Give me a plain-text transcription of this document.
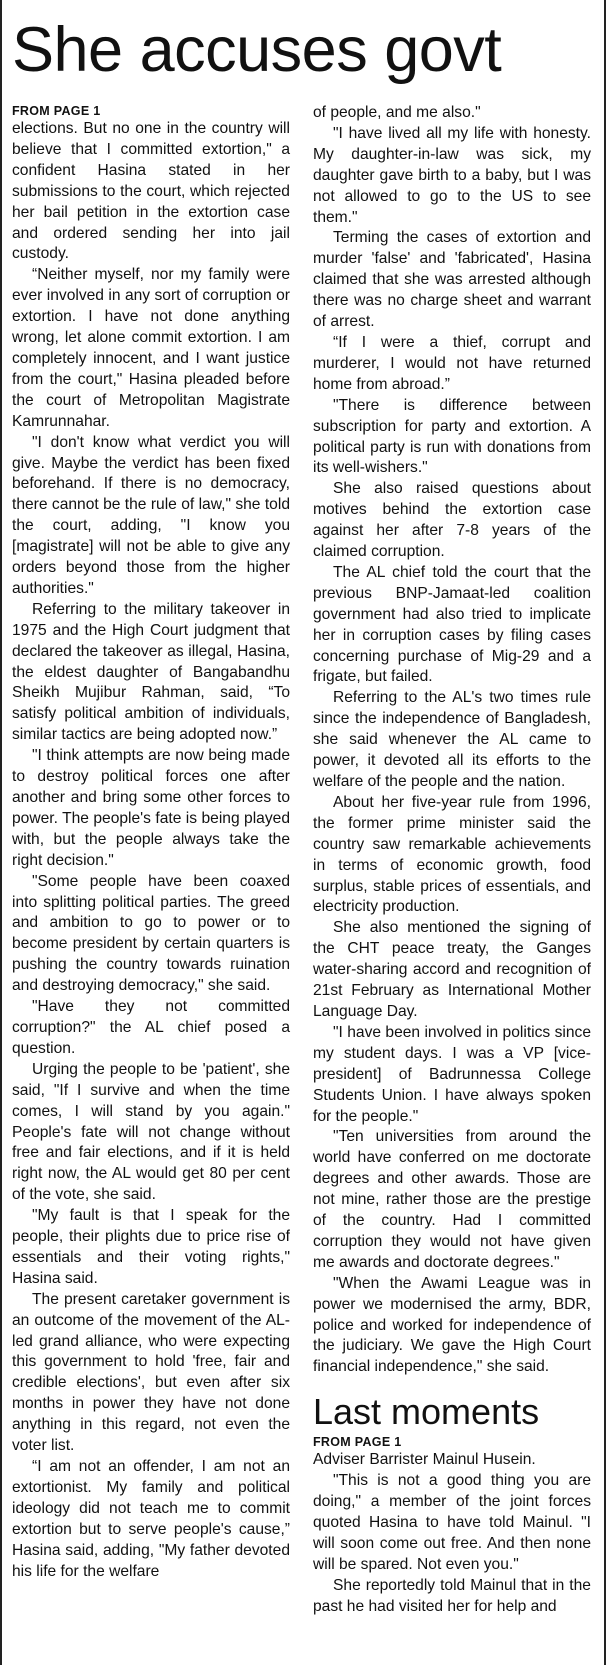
She accuses govt
FROM PAGE 1

elections. But no one in the country will believe that I committed extortion," a confident Hasina stated in her submissions to the court, which rejected her bail petition in the extortion case and ordered sending her into jail custody.

“Neither myself, nor my family were ever involved in any sort of corruption or extortion. I have not done anything wrong, let alone commit extortion. I am completely innocent, and I want justice from the court," Hasina pleaded before the court of Metropolitan Magistrate Kamrunnahar.

"I don't know what verdict you will give. Maybe the verdict has been fixed beforehand. If there is no democracy, there cannot be the rule of law," she told the court, adding, "I know you [magistrate] will not be able to give any orders beyond those from the higher authorities."

Referring to the military takeover in 1975 and the High Court judgment that declared the takeover as illegal, Hasina, the eldest daughter of Bangabandhu Sheikh Mujibur Rahman, said, “To satisfy political ambition of individuals, similar tactics are being adopted now.”

"I think attempts are now being made to destroy political forces one after another and bring some other forces to power. The people's fate is being played with, but the people always take the right decision."

"Some people have been coaxed into splitting political parties. The greed and ambition to go to power or to become president by certain quarters is pushing the country towards ruination and destroying democracy," she said.

"Have they not committed corruption?" the AL chief posed a question.

Urging the people to be 'patient', she said, "If I survive and when the time comes, I will stand by you again." People's fate will not change without free and fair elections, and if it is held right now, the AL would get 80 per cent of the vote, she said.

"My fault is that I speak for the people, their plights due to price rise of essentials and their voting rights," Hasina said.

The present caretaker government is an outcome of the movement of the AL-led grand alliance, who were expecting this government to hold 'free, fair and credible elections', but even after six months in power they have not done anything in this regard, not even the voter list.

“I am not an offender, I am not an extortionist. My family and political ideology did not teach me to commit extortion but to serve people's cause,” Hasina said, adding, "My father devoted his life for the welfare

of people, and me also."

"I have lived all my life with honesty. My daughter-in-law was sick, my daughter gave birth to a baby, but I was not allowed to go to the US to see them."

Terming the cases of extortion and murder 'false' and 'fabricated', Hasina claimed that she was arrested although there was no charge sheet and warrant of arrest.

“If I were a thief, corrupt and murderer, I would not have returned home from abroad.”

"There is difference between subscription for party and extortion. A political party is run with donations from its well-wishers."

She also raised questions about motives behind the extortion case against her after 7-8 years of the claimed corruption.

The AL chief told the court that the previous BNP-Jamaat-led coalition government had also tried to implicate her in corruption cases by filing cases concerning purchase of Mig-29 and a frigate, but failed.

Referring to the AL's two times rule since the independence of Bangladesh, she said whenever the AL came to power, it devoted all its efforts to the welfare of the people and the nation.

About her five-year rule from 1996, the former prime minister said the country saw remarkable achievements in terms of economic growth, food surplus, stable prices of essentials, and electricity production.

She also mentioned the signing of the CHT peace treaty, the Ganges water-sharing accord and recognition of 21st February as International Mother Language Day.

"I have been involved in politics since my student days. I was a VP [vice-president] of Badrunnessa College Students Union. I have always spoken for the people."

"Ten universities from around the world have conferred on me doctorate degrees and other awards. Those are not mine, rather those are the prestige of the country. Had I committed corruption they would not have given me awards and doctorate degrees."

"When the Awami League was in power we modernised the army, BDR, police and worked for independence of the judiciary. We gave the High Court financial independence," she said.

Last moments
FROM PAGE 1

Adviser Barrister Mainul Husein.

"This is not a good thing you are doing," a member of the joint forces quoted Hasina to have told Mainul. "I will soon come out free. And then none will be spared. Not even you."

She reportedly told Mainul that in the past he had visited her for help and
